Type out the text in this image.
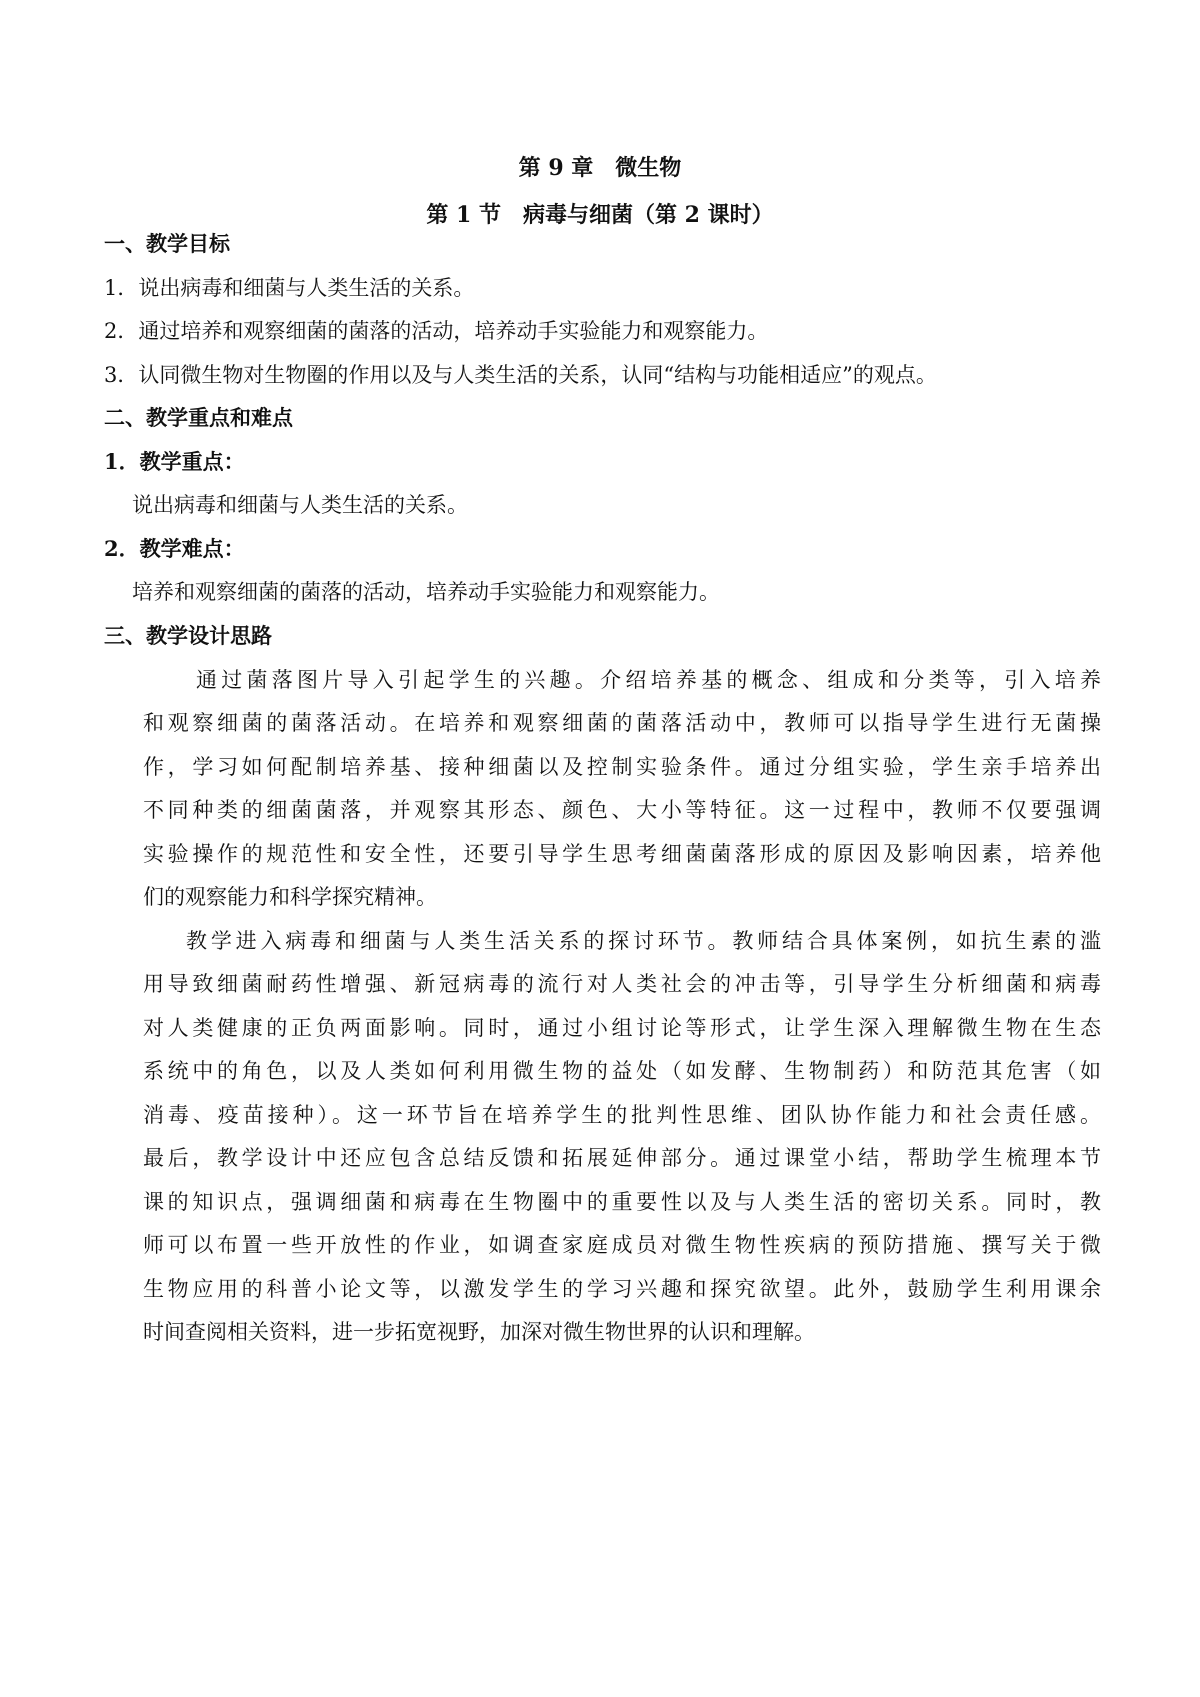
第 9 章　微生物
第 1 节　病毒与细菌（第 2 课时）
一、教学目标
1．说出病毒和细菌与人类生活的关系。
2．通过培养和观察细菌的菌落的活动，培养动手实验能力和观察能力。
3．认同微生物对生物圈的作用以及与人类生活的关系，认同“结构与功能相适应”的观点。
二、教学重点和难点
1．教学重点：
说出病毒和细菌与人类生活的关系。
2．教学难点：
培养和观察细菌的菌落的活动，培养动手实验能力和观察能力。
三、教学设计思路
通过菌落图片导入引起学生的兴趣。介绍培养基的概念、组成和分类等，引入培养
和观察细菌的菌落活动。在培养和观察细菌的菌落活动中，教师可以指导学生进行无菌操
作，学习如何配制培养基、接种细菌以及控制实验条件。通过分组实验，学生亲手培养出
不同种类的细菌菌落，并观察其形态、颜色、大小等特征。这一过程中，教师不仅要强调
实验操作的规范性和安全性，还要引导学生思考细菌菌落形成的原因及影响因素，培养他
们的观察能力和科学探究精神。
教学进入病毒和细菌与人类生活关系的探讨环节。教师结合具体案例，如抗生素的滥
用导致细菌耐药性增强、新冠病毒的流行对人类社会的冲击等，引导学生分析细菌和病毒
对人类健康的正负两面影响。同时，通过小组讨论等形式，让学生深入理解微生物在生态
系统中的角色，以及人类如何利用微生物的益处（如发酵、生物制药）和防范其危害（如
消毒、疫苗接种）。这一环节旨在培养学生的批判性思维、团队协作能力和社会责任感。
最后，教学设计中还应包含总结反馈和拓展延伸部分。通过课堂小结，帮助学生梳理本节
课的知识点，强调细菌和病毒在生物圈中的重要性以及与人类生活的密切关系。同时，教
师可以布置一些开放性的作业，如调查家庭成员对微生物性疾病的预防措施、撰写关于微
生物应用的科普小论文等，以激发学生的学习兴趣和探究欲望。此外，鼓励学生利用课余
时间查阅相关资料，进一步拓宽视野，加深对微生物世界的认识和理解。
